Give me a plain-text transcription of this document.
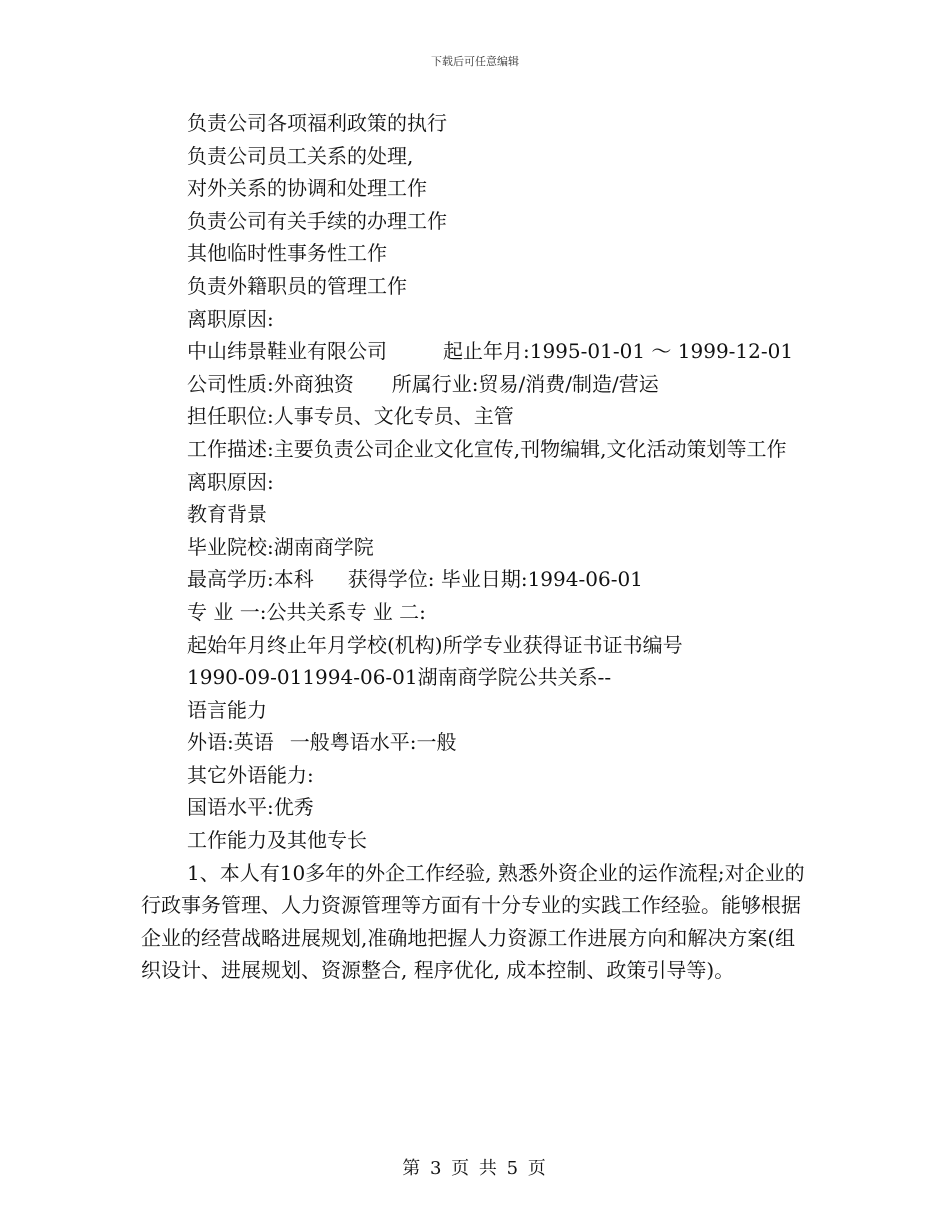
下载后可任意编辑

负责公司各项福利政策的执行

负责公司员工关系的处理,

对外关系的协调和处理工作

负责公司有关手续的办理工作

其他临时性事务性工作

负责外籍职员的管理工作

离职原因:

中山纬景鞋业有限公司	起止年月:1995-01-01 ～ 1999-12-01

公司性质:外商独资 所属行业:贸易/消费/制造/营运

担任职位:人事专员、文化专员、主管

工作描述:主要负责公司企业文化宣传,刊物编辑,文化活动策划等工作

离职原因:

教育背景

毕业院校:湖南商学院

最高学历:本科 获得学位: 毕业日期:1994-06-01

专 业 一:公共关系专 业 二:

起始年月终止年月学校(机构)所学专业获得证书证书编号

1990-09-011994-06-01湖南商学院公共关系--

语言能力

外语:英语 一般粤语水平:一般

其它外语能力:

国语水平:优秀

工作能力及其他专长

1、本人有10多年的外企工作经验, 熟悉外资企业的运作流程;对企业的行政事务管理、人力资源管理等方面有十分专业的实践工作经验。能够根据企业的经营战略进展规划,准确地把握人力资源工作进展方向和解决方案(组织设计、进展规划、资源整合, 程序优化, 成本控制、政策引导等)。

第 3 页 共 5 页
